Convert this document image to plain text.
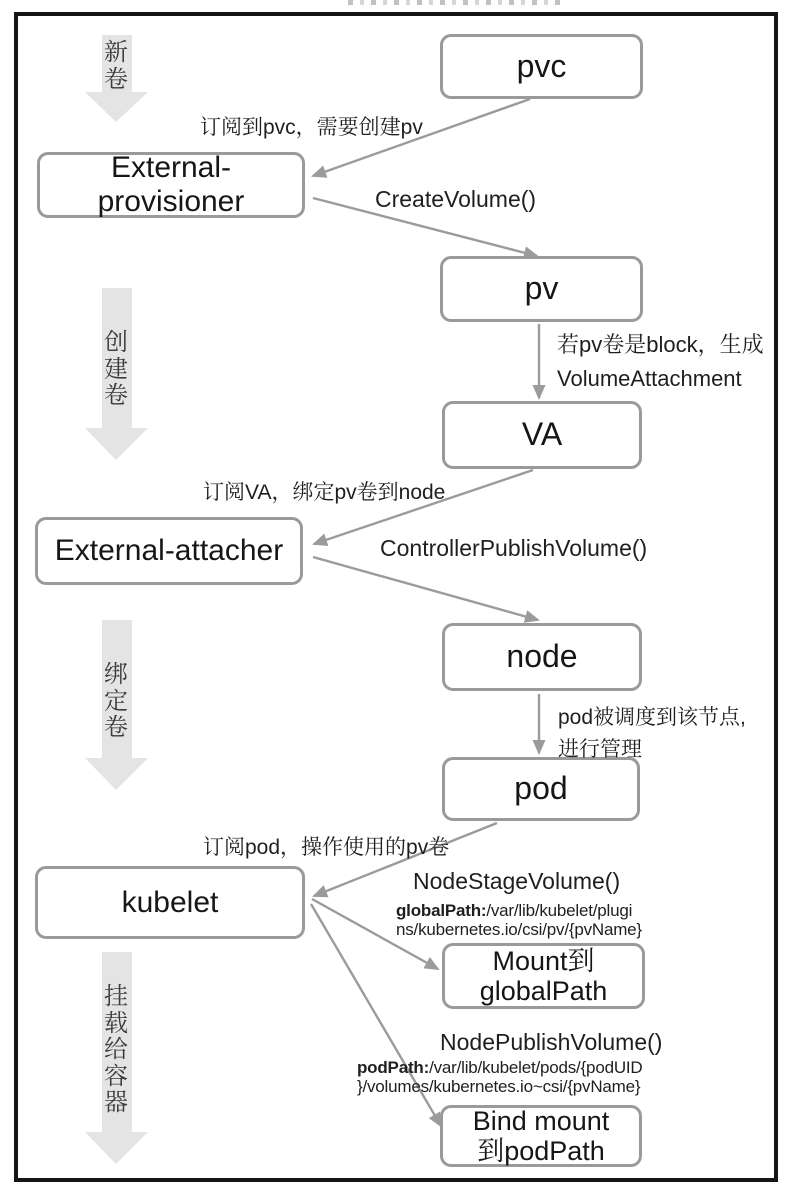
新卷
创建卷
绑定卷
挂载给容器
pvc
External-
provisioner
pv
VA
External-attacher
node
pod
kubelet
Mount到
globalPath
Bind mount
到podPath
订阅到pvc，需要创建pv
CreateVolume()
若pv卷是block，生成
VolumeAttachment
订阅VA，绑定pv卷到node
ControllerPublishVolume()
pod被调度到该节点,
进行管理
订阅pod，操作使用的pv卷
NodeStageVolume()
globalPath:/var/lib/kubelet/plugi
ns/kubernetes.io/csi/pv/{pvName}
NodePublishVolume()
podPath:/var/lib/kubelet/pods/{podUID
}/volumes/kubernetes.io~csi/{pvName}
